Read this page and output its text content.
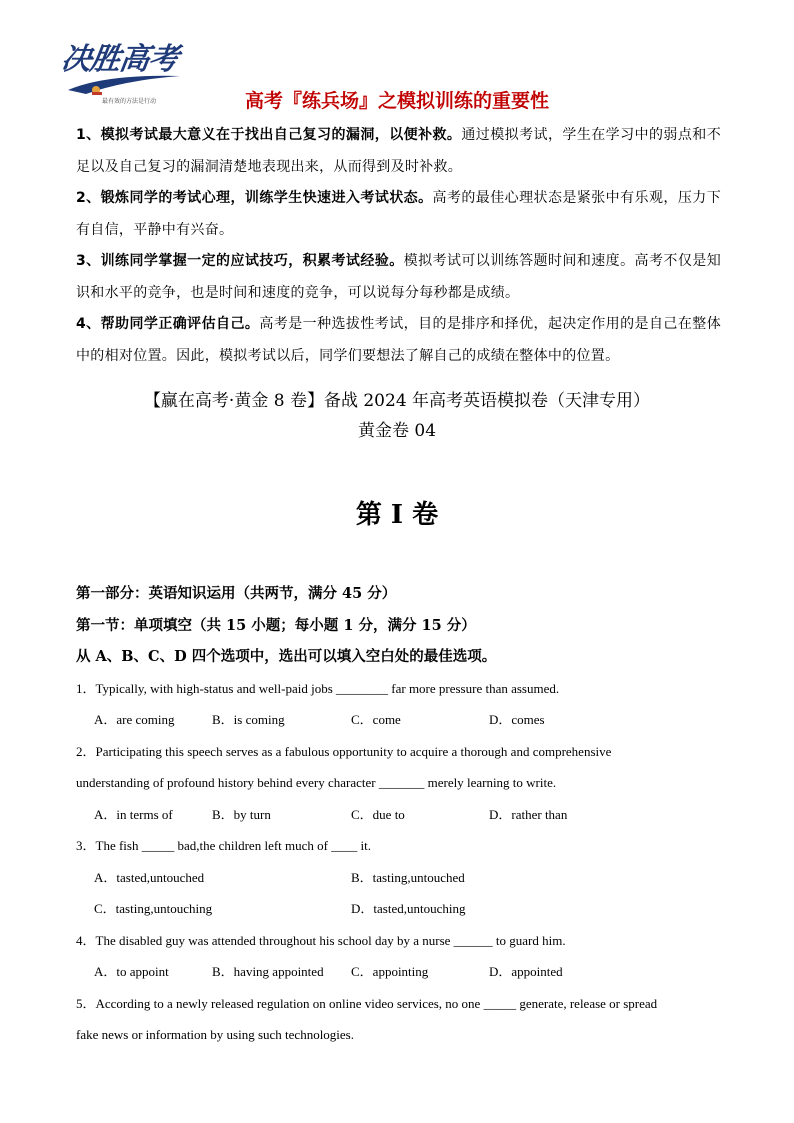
决胜高考
最有效的方法是行动	高考『练兵场』之模拟训练的重要性

1、模拟考试最大意义在于找出自己复习的漏洞，以便补救。通过模拟考试，学生在学习中的弱点和不足以及自己复习的漏洞清楚地表现出来，从而得到及时补救。

2、锻炼同学的考试心理，训练学生快速进入考试状态。高考的最佳心理状态是紧张中有乐观，压力下有自信，平静中有兴奋。

3、训练同学掌握一定的应试技巧，积累考试经验。模拟考试可以训练答题时间和速度。高考不仅是知识和水平的竞争，也是时间和速度的竞争，可以说每分每秒都是成绩。

4、帮助同学正确评估自己。高考是一种选拔性考试，目的是排序和择优，起决定作用的是自己在整体中的相对位置。因此，模拟考试以后，同学们要想法了解自己的成绩在整体中的位置。

【赢在高考·黄金 8 卷】备战 2024 年高考英语模拟卷（天津专用）
黄金卷 04
第 I 卷

第一部分：英语知识运用（共两节，满分 45 分）

第一节：单项填空（共 15 小题；每小题 1 分，满分 15 分）

从 A、B、C、D 四个选项中，选出可以填入空白处的最佳选项。

1．Typically, with high-status and well-paid jobs ________ far more pressure than assumed.

A．are coming	B．is coming	C．come	D．comes

2．Participating this speech serves as a fabulous opportunity to acquire a thorough and comprehensive

understanding of profound history behind every character _______ merely learning to write.

A．in terms of	B．by turn	C．due to	D．rather than

3．The fish _____ bad,the children left much of ____ it.

A．tasted,untouched	B．tasting,untouched
C．tasting,untouching	D．tasted,untouching

4．The disabled guy was attended throughout his school day by a nurse ______ to guard him.

A．to appoint	B．having appointed	C．appointing	D．appointed

5．According to a newly released regulation on online video services, no one _____ generate, release or spread

fake news or information by using such technologies.
